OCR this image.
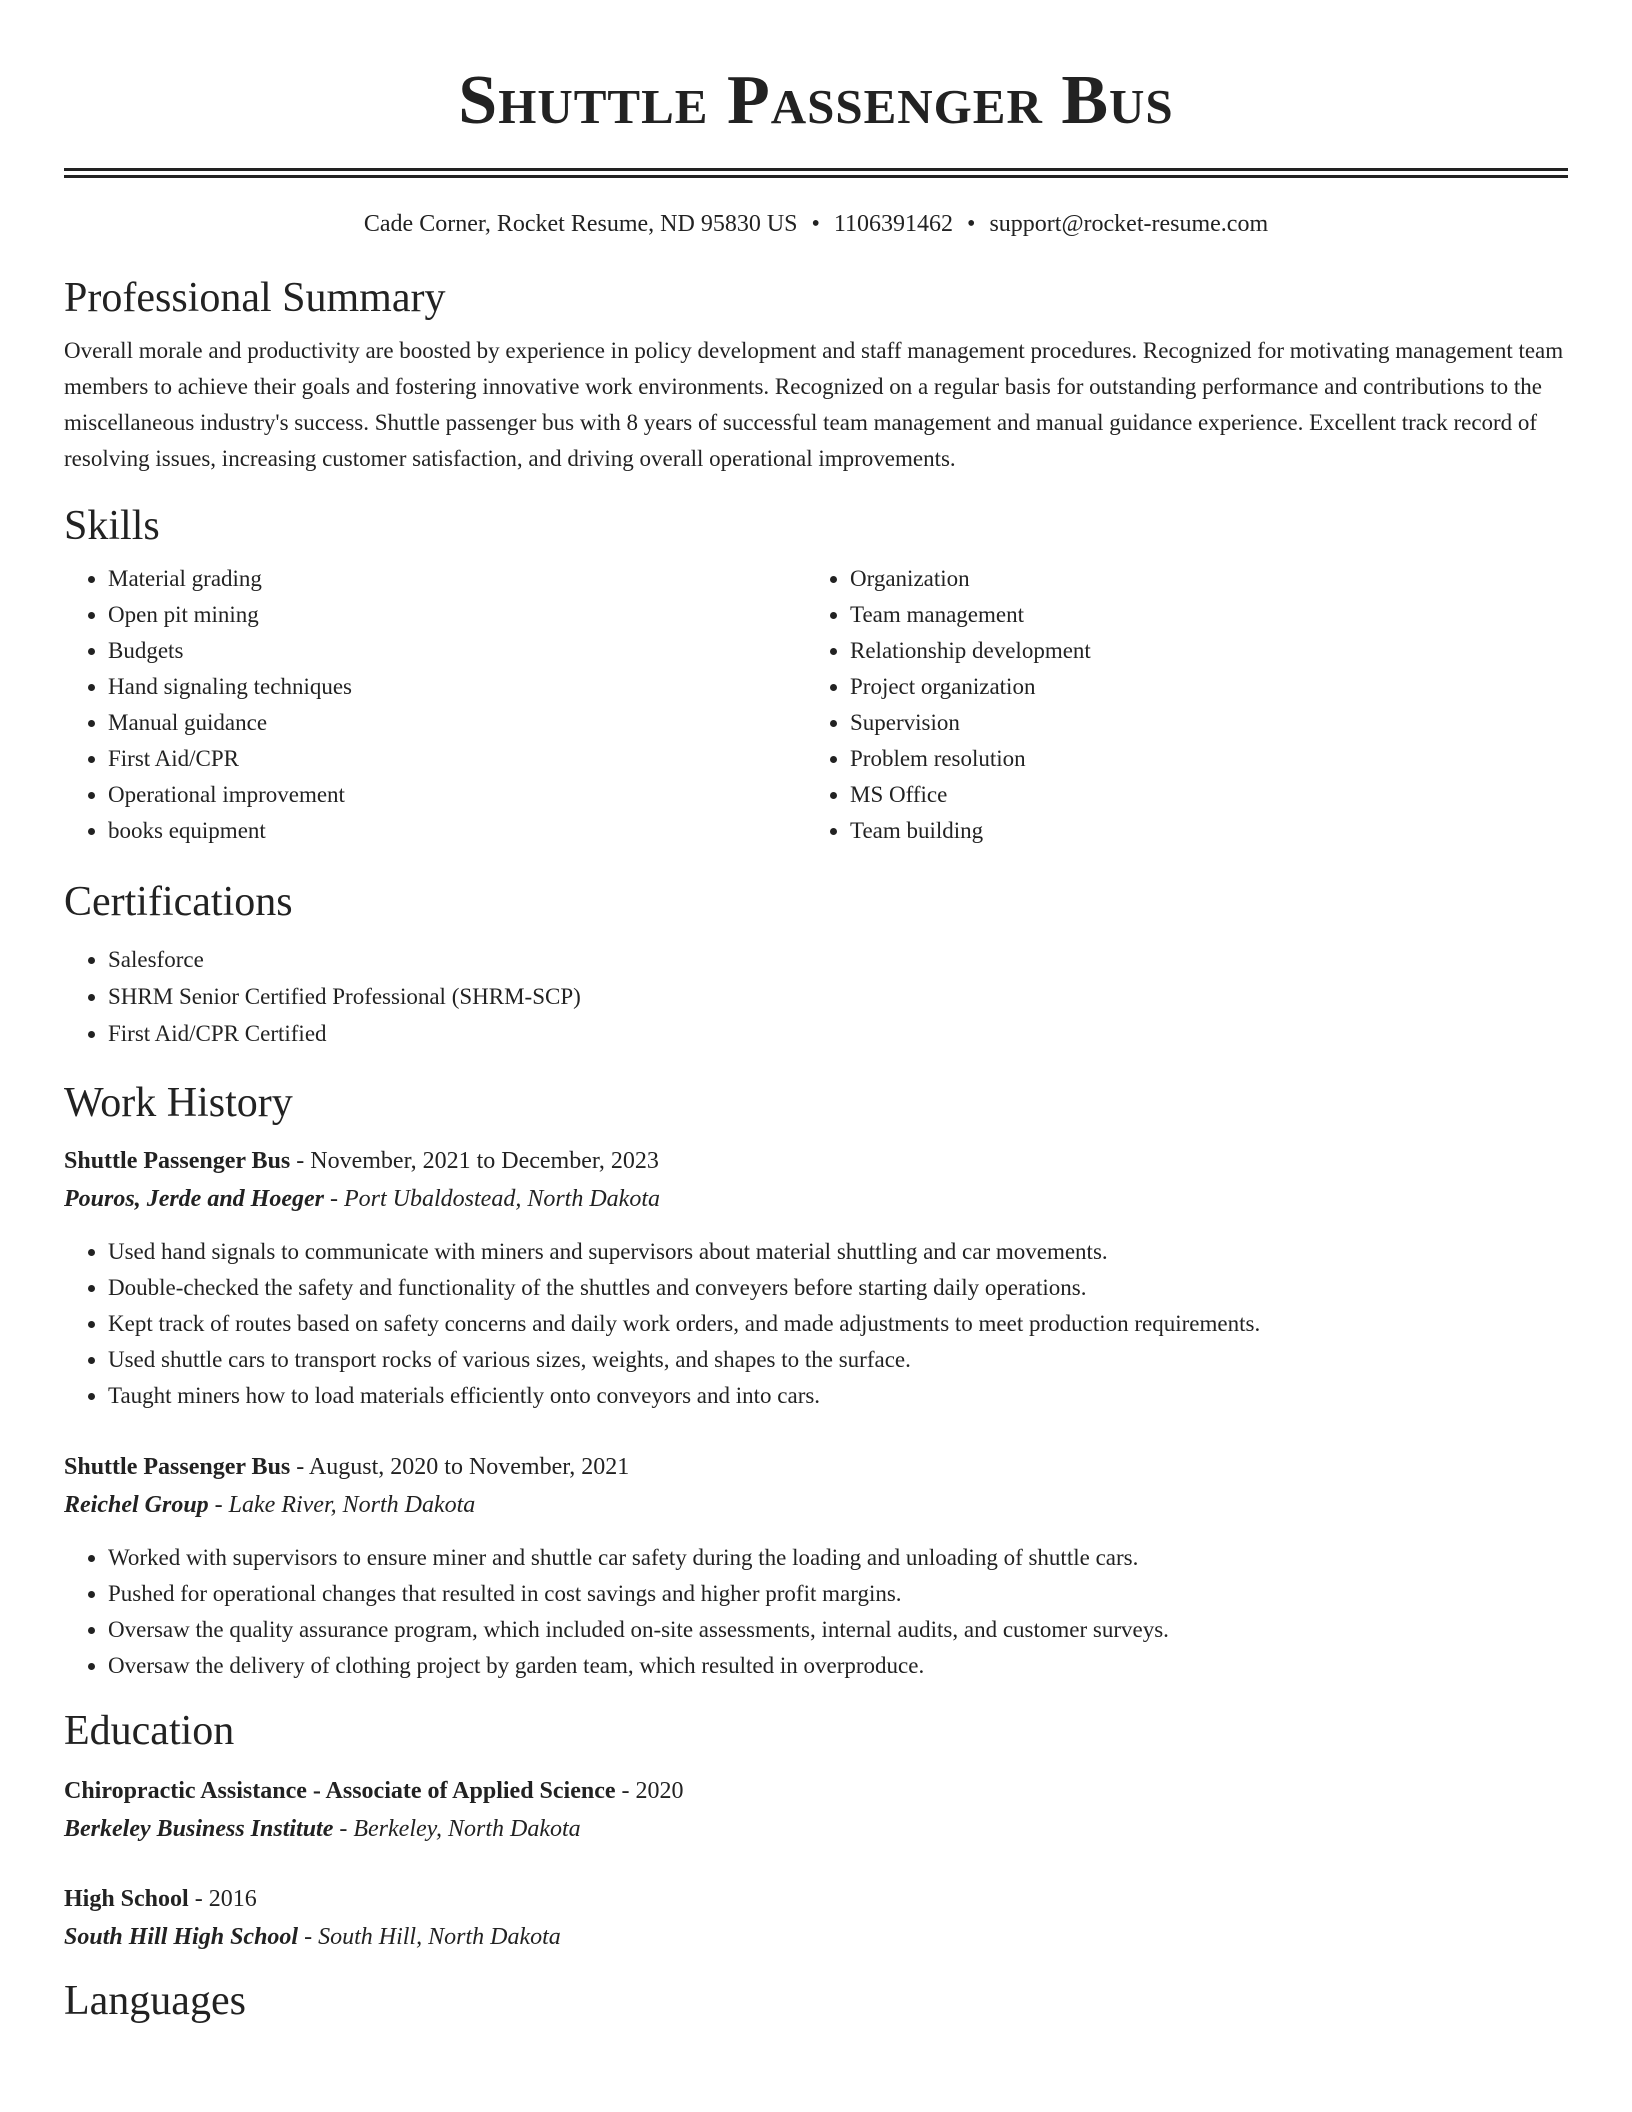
Shuttle Passenger Bus
Cade Corner, Rocket Resume, ND 95830 US • 1106391462 • support@rocket-resume.com
Professional Summary
Overall morale and productivity are boosted by experience in policy development and staff management procedures. Recognized for motivating management team members to achieve their goals and fostering innovative work environments. Recognized on a regular basis for outstanding performance and contributions to the miscellaneous industry's success. Shuttle passenger bus with 8 years of successful team management and manual guidance experience. Excellent track record of resolving issues, increasing customer satisfaction, and driving overall operational improvements.
Skills
• Material grading
• Open pit mining
• Budgets
• Hand signaling techniques
• Manual guidance
• First Aid/CPR
• Operational improvement
• books equipment
• Organization
• Team management
• Relationship development
• Project organization
• Supervision
• Problem resolution
• MS Office
• Team building
Certifications
• Salesforce
• SHRM Senior Certified Professional (SHRM-SCP)
• First Aid/CPR Certified
Work History
Shuttle Passenger Bus - November, 2021 to December, 2023
Pouros, Jerde and Hoeger - Port Ubaldostead, North Dakota
• Used hand signals to communicate with miners and supervisors about material shuttling and car movements.
• Double-checked the safety and functionality of the shuttles and conveyers before starting daily operations.
• Kept track of routes based on safety concerns and daily work orders, and made adjustments to meet production requirements.
• Used shuttle cars to transport rocks of various sizes, weights, and shapes to the surface.
• Taught miners how to load materials efficiently onto conveyors and into cars.
Shuttle Passenger Bus - August, 2020 to November, 2021
Reichel Group - Lake River, North Dakota
• Worked with supervisors to ensure miner and shuttle car safety during the loading and unloading of shuttle cars.
• Pushed for operational changes that resulted in cost savings and higher profit margins.
• Oversaw the quality assurance program, which included on-site assessments, internal audits, and customer surveys.
• Oversaw the delivery of clothing project by garden team, which resulted in overproduce.
Education
Chiropractic Assistance - Associate of Applied Science - 2020
Berkeley Business Institute - Berkeley, North Dakota
High School - 2016
South Hill High School - South Hill, North Dakota
Languages
